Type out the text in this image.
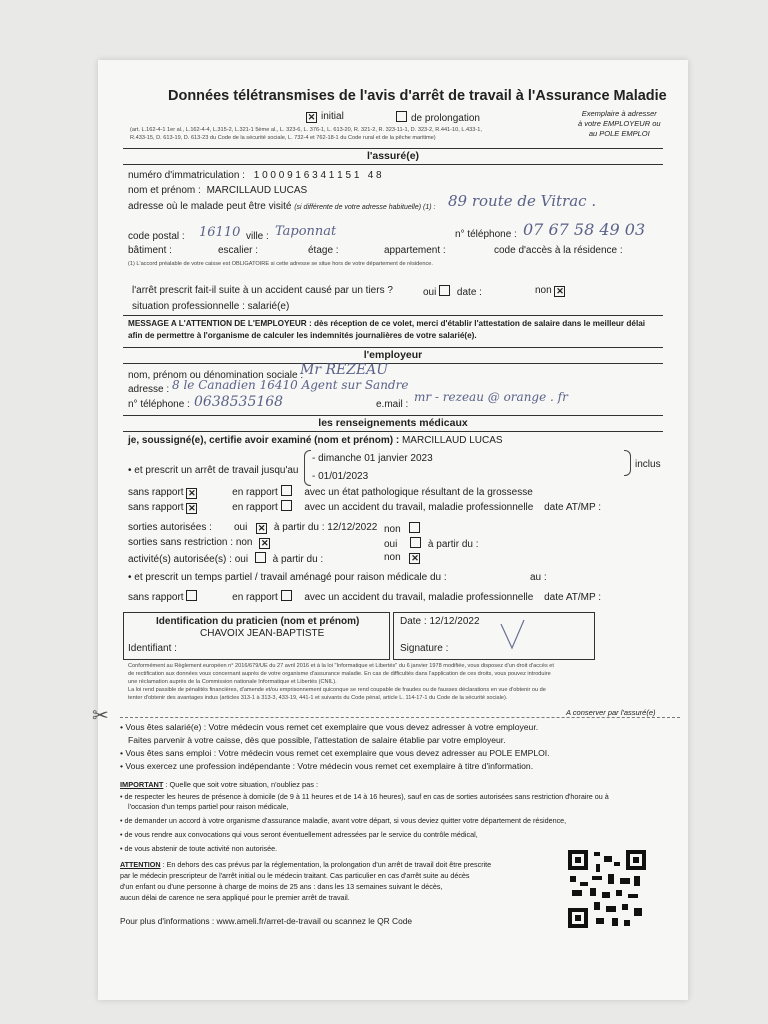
Données télétransmises de l'avis d'arrêt de travail à l'Assurance Maladie
✕initial	de prolongation
(art. L.162-4-1 1er al., L.162-4-4, L.315-2, L.321-1 5ème al., L. 323-6, L. 376-1, L. 613-20, R. 321-2, R. 323-11-1, D. 323-2, R.441-10, L.433-1,
R.433-15, D. 613-19, D. 613-23 du Code de la sécurité sociale, L. 732-4 et 762-18-1 du Code rural et de la pêche maritime)
Exemplaire à adresser
à votre EMPLOYEUR ou
au POLE EMPLOI
l'assuré(e)
numéro d'immatriculation : 1 0 0 0 9 1 6 3 4 1 1 5 1   4 8
nom et prénom : MARCILLAUD LUCAS
adresse où le malade peut être visité (si différente de votre adresse habituelle) (1) : 89 route de Vitrac .
code postal : 16110 ville : Taponnat	n° téléphone : 07 67 58 49 03
bâtiment :	escalier :	étage :	appartement :	code d'accès à la résidence :
(1) L'accord préalable de votre caisse est OBLIGATOIRE si cette adresse se situe hors de votre département de résidence.
l'arrêt prescrit fait-il suite à un accident causé par un tiers ?	oui date :	non ✕
situation professionnelle : salarié(e)
MESSAGE A L'ATTENTION DE L'EMPLOYEUR : dès réception de ce volet, merci d'établir l'attestation de salaire dans le meilleur délai
afin de permettre à l'organisme de calculer les indemnités journalières de votre salarié(e).
l'employeur
nom, prénom ou dénomination sociale :
Mr REZEAU
adresse : 8 le Canadien 16410 Agent sur Sandre
n° téléphone : 0638535168	e.mail :
mr - rezeau @ orange . fr
les renseignements médicaux
je, soussigné(e), certifie avoir examiné (nom et prénom) : MARCILLAUD LUCAS
• et prescrit un arrêt de travail jusqu'au
- dimanche 01 janvier 2023
- 01/01/2023
inclus
sans rapport ✕	en rapport	avec un état pathologique résultant de la grossesse
sans rapport ✕	en rapport	avec un accident du travail, maladie professionnelle date AT/MP :
sorties autorisées : oui ✕	à partir du : 12/12/2022 non
sorties sans restriction : non ✕	oui	à partir du :
activité(s) autorisée(s) : oui à partir du :	non ✕
• et prescrit un temps partiel / travail aménagé pour raison médicale du :	au :
sans rapport	en rapport	avec un accident du travail, maladie professionnelle date AT/MP :
Identification du praticien (nom et prénom)
CHAVOIX JEAN-BAPTISTE
Identifiant :
Date : 12/12/2022
Signature :
Conformément au Règlement européen n° 2016/679/UE du 27 avril 2016 et à la loi "Informatique et Libertés" du 6 janvier 1978 modifiée, vous disposez d'un droit d'accès et
de rectification aux données vous concernant auprès de votre organisme d'assurance maladie. En cas de difficultés dans l'application de ces droits, vous pouvez introduire
une réclamation auprès de la Commission nationale Informatique et Libertés (CNIL).
La loi rend passible de pénalités financières, d'amende et/ou emprisonnement quiconque se rend coupable de fraudes ou de fausses déclarations en vue d'obtenir ou de
tenter d'obtenir des avantages indus (articles 313-1 à 313-3, 433-19, 441-1 et suivants du Code pénal, article L. 114-17-1 du Code de la sécurité sociale).
A conserver par l'assuré(e)
✂ • Vous êtes salarié(e) : Votre médecin vous remet cet exemplaire que vous devez adresser à votre employeur.
Faites parvenir à votre caisse, dès que possible, l'attestation de salaire établie par votre employeur.
• Vous êtes sans emploi : Votre médecin vous remet cet exemplaire que vous devez adresser au POLE EMPLOI.
• Vous exercez une profession indépendante : Votre médecin vous remet cet exemplaire à titre d'information.
IMPORTANT : Quelle que soit votre situation, n'oubliez pas :
• de respecter les heures de présence à domicile (de 9 à 11 heures et de 14 à 16 heures), sauf en cas de sorties autorisées sans restriction d'horaire ou à
l'occasion d'un temps partiel pour raison médicale,
• de demander un accord à votre organisme d'assurance maladie, avant votre départ, si vous deviez quitter votre département de résidence,
• de vous rendre aux convocations qui vous seront éventuellement adressées par le service du contrôle médical,
• de vous abstenir de toute activité non autorisée.
ATTENTION : En dehors des cas prévus par la réglementation, la prolongation d'un arrêt de travail doit être prescrite
par le médecin prescripteur de l'arrêt initial ou le médecin traitant. Cas particulier en cas d'arrêt suite au décès
d'un enfant ou d'une personne à charge de moins de 25 ans : dans les 13 semaines suivant le décès,
aucun délai de carence ne sera appliqué pour le premier arrêt de travail.
Pour plus d'informations : www.ameli.fr/arret-de-travail ou scannez le QR Code
